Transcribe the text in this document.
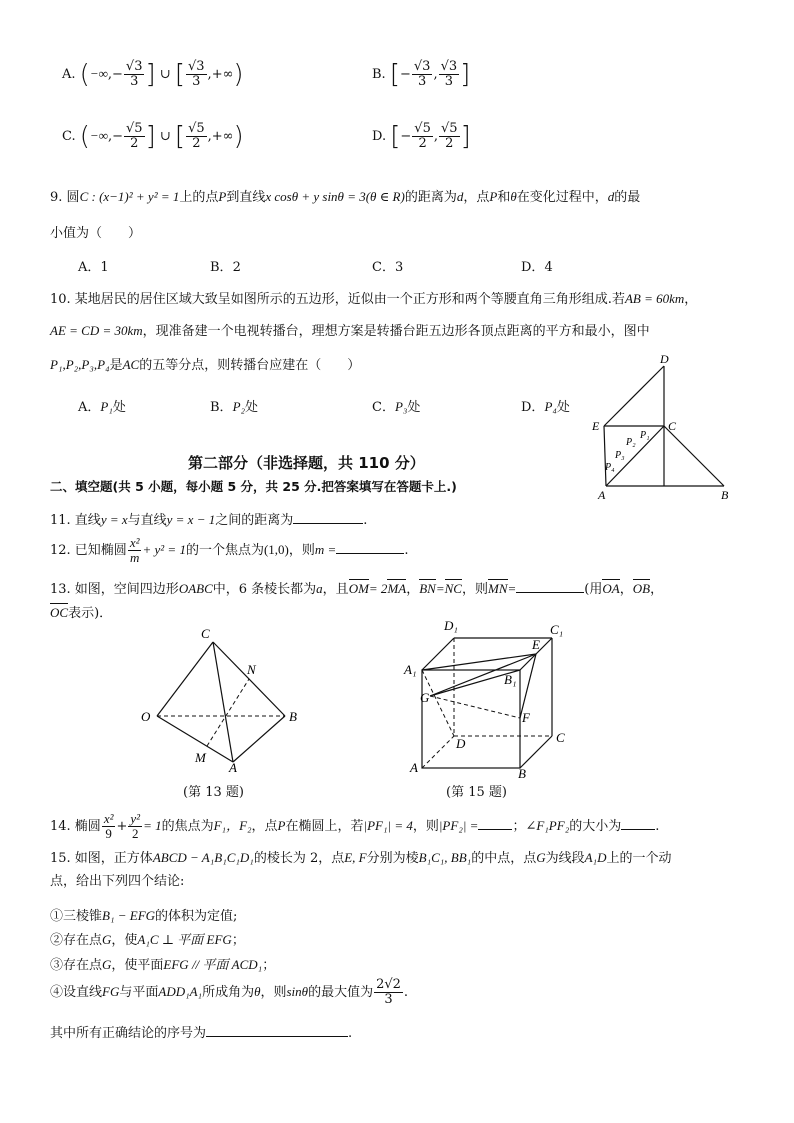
A. (−∞,− $\frac{√3}{3}$ ] ∪ [ $\frac{√3}{3}$ ,+∞)	B. [− $\frac{√3}{3}$ , $\frac{√3}{3}$ ]
C. (−∞,− $\frac{√5}{2}$ ] ∪ [ $\frac{√5}{2}$ ,+∞)	D. [− $\frac{√5}{2}$ , $\frac{√5}{2}$ ]
9. 圆C : (x−1)² + y² = 1上的点P到直线x cosθ + y sinθ = 3(θ ∈ R)的距离为d，点P和θ在变化过程中，d的最
小值为（　　）
A．1	B．2	C．3	D．4
10. 某地居民的居住区域大致呈如图所示的五边形，近似由一个正方形和两个等腰直角三角形组成.若AB = 60km，
AE = CD = 30km，现准备建一个电视转播台，理想方案是转播台距五边形各顶点距离的平方和最小，图中
P₁,P₂,P₃,P₄是AC的五等分点，则转播台应建在（　　）
A．P₁处	B．P₂处	C．P₃处	D．P₄处
D
E	C
A	B
P₁
P₂
P₃
P₄
第二部分（非选择题，共 110 分）
二、填空题(共 5 小题，每小题 5 分，共 25 分.把答案填写在答题卡上.)
11. 直线y = x与直线y = x − 1之间的距离为	.
12. 已知椭圆 $\frac{\text{x²}}{m} + y^2 = 1$的一个焦点为(1,0)，则m =	.
13. 如图，空间四边形OABC中，6 条棱长都为a，且OM= 2MA，BN=NC，则MN=	(用OA，OB，
OC表示)．
C
N
O	B
M
A
(第 13 题)
D₁	C₁
E
A₁
B₁
G
F
D	C
A	B
(第 15 题)
14. 椭圆 $\frac{\text{x²}}{9} + \frac{\text{y²}}{2} = 1$的焦点为F₁，F₂，点P在椭圆上，若|PF₁| = 4，则|PF₂| =	；∠F₁PF₂的大小为	.
15. 如图，正方体ABCD − A₁B₁C₁D₁的棱长为 2，点E, F分别为棱B₁C₁, BB₁的中点，点G为线段A₁D上的一个动
点，给出下列四个结论:
①三棱锥B₁ − EFG的体积为定值;
②存在点G，使A₁C ⊥ 平面 EFG；
③存在点G，使平面EFG // 平面 ACD₁；
④设直线FG与平面ADD₁A₁所成角为θ，则sinθ的最大值为 $\frac{2√2}{3}$ .
其中所有正确结论的序号为	.
